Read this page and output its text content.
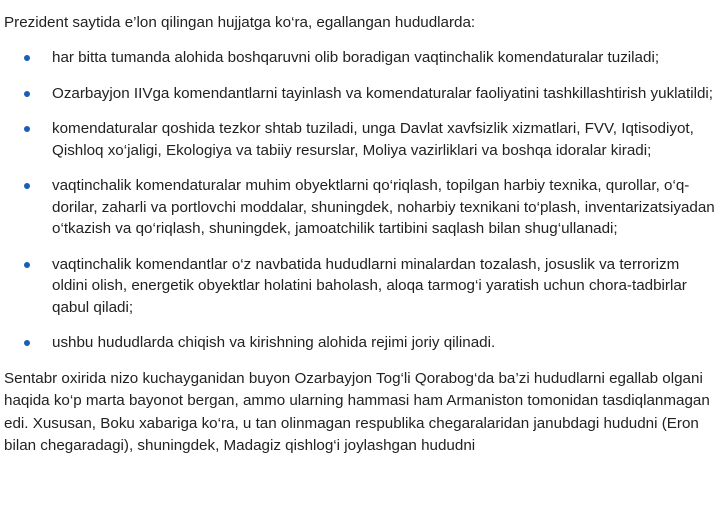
Prezident saytida e’lon qilingan hujjatga ko‘ra, egallangan hududlarda:

har bitta tumanda alohida boshqaruvni olib boradigan vaqtinchalik komendaturalar tuziladi;
Ozarbayjon IIVga komendantlarni tayinlash va komendaturalar faoliyatini tashkillashtirish yuklatildi;
komendaturalar qoshida tezkor shtab tuziladi, unga Davlat xavfsizlik xizmatlari, FVV, Iqtisodiyot, Qishloq xo‘jaligi, Ekologiya va tabiiy resurslar, Moliya vazirliklari va boshqa idoralar kiradi;
vaqtinchalik komendaturalar muhim obyektlarni qo‘riqlash, topilgan harbiy texnika, qurollar, o‘q-dorilar, zaharli va portlovchi moddalar, shuningdek, noharbiy texnikani to‘plash, inventarizatsiyadan o‘tkazish va qo‘riqlash, shuningdek, jamoatchilik tartibini saqlash bilan shug‘ullanadi;
vaqtinchalik komendantlar o‘z navbatida hududlarni minalardan tozalash, josuslik va terrorizm oldini olish, energetik obyektlar holatini baholash, aloqa tarmog‘i yaratish uchun chora-tadbirlar qabul qiladi;
ushbu hududlarda chiqish va kirishning alohida rejimi joriy qilinadi.

Sentabr oxirida nizo kuchayganidan buyon Ozarbayjon Tog‘li Qorabog‘da ba’zi hududlarni egallab olgani haqida ko‘p marta bayonot bergan, ammo ularning hammasi ham Armaniston tomonidan tasdiqlanmagan edi. Xususan, Boku xabariga ko‘ra, u tan olinmagan respublika chegaralaridan janubdagi hududni (Eron bilan chegaradagi), shuningdek, Madagiz qishlog‘i joylashgan hududni
